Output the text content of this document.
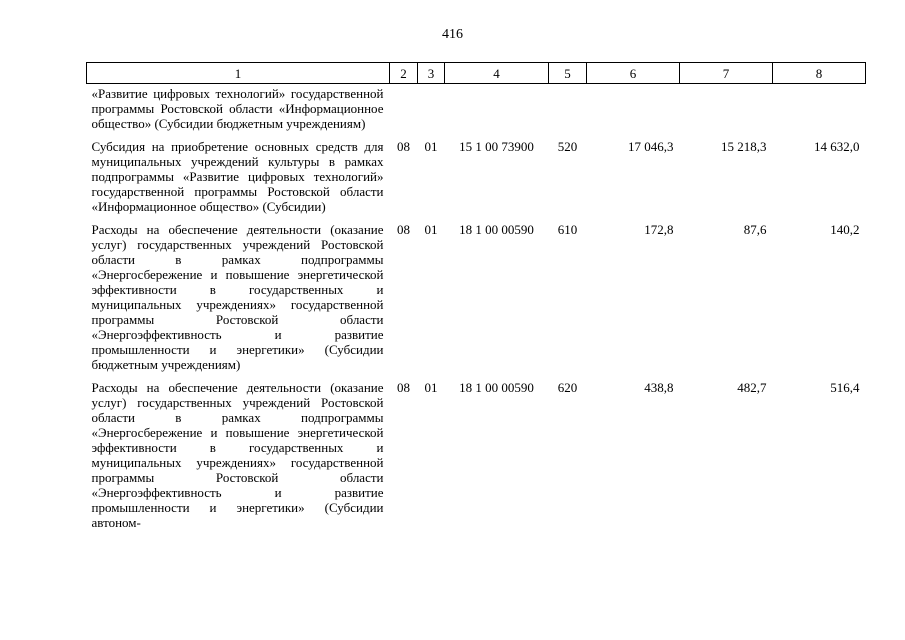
416
1	2	3	4	5	6	7	8
«Развитие цифровых технологий» государственной программы Ростовской области «Информационное общество» (Субсидии бюджетным учреждениям)							
Субсидия на приобретение основных средств для муниципальных учреждений культуры в рамках подпрограммы «Развитие цифровых технологий» государственной программы Ростовской области «Информационное общество» (Субсидии)	08	01	15 1 00 73900	520	17 046,3	15 218,3	14 632,0
Расходы на обеспечение деятельности (оказание услуг) государственных учреждений Ростовской области в рамках подпрограммы «Энергосбережение и повышение энергетической эффективности в государственных и муниципальных учреждениях» государственной программы Ростовской области «Энергоэффективность и развитие промышленности и энергетики» (Субсидии бюджетным учреждениям)	08	01	18 1 00 00590	610	172,8	87,6	140,2
Расходы на обеспечение деятельности (оказание услуг) государственных учреждений Ростовской области в рамках подпрограммы «Энергосбережение и повышение энергетической эффективности в государственных и муниципальных учреждениях» государственной программы Ростовской области «Энергоэффективность и развитие промышленности и энергетики» (Субсидии автоном-	08	01	18 1 00 00590	620	438,8	482,7	516,4
